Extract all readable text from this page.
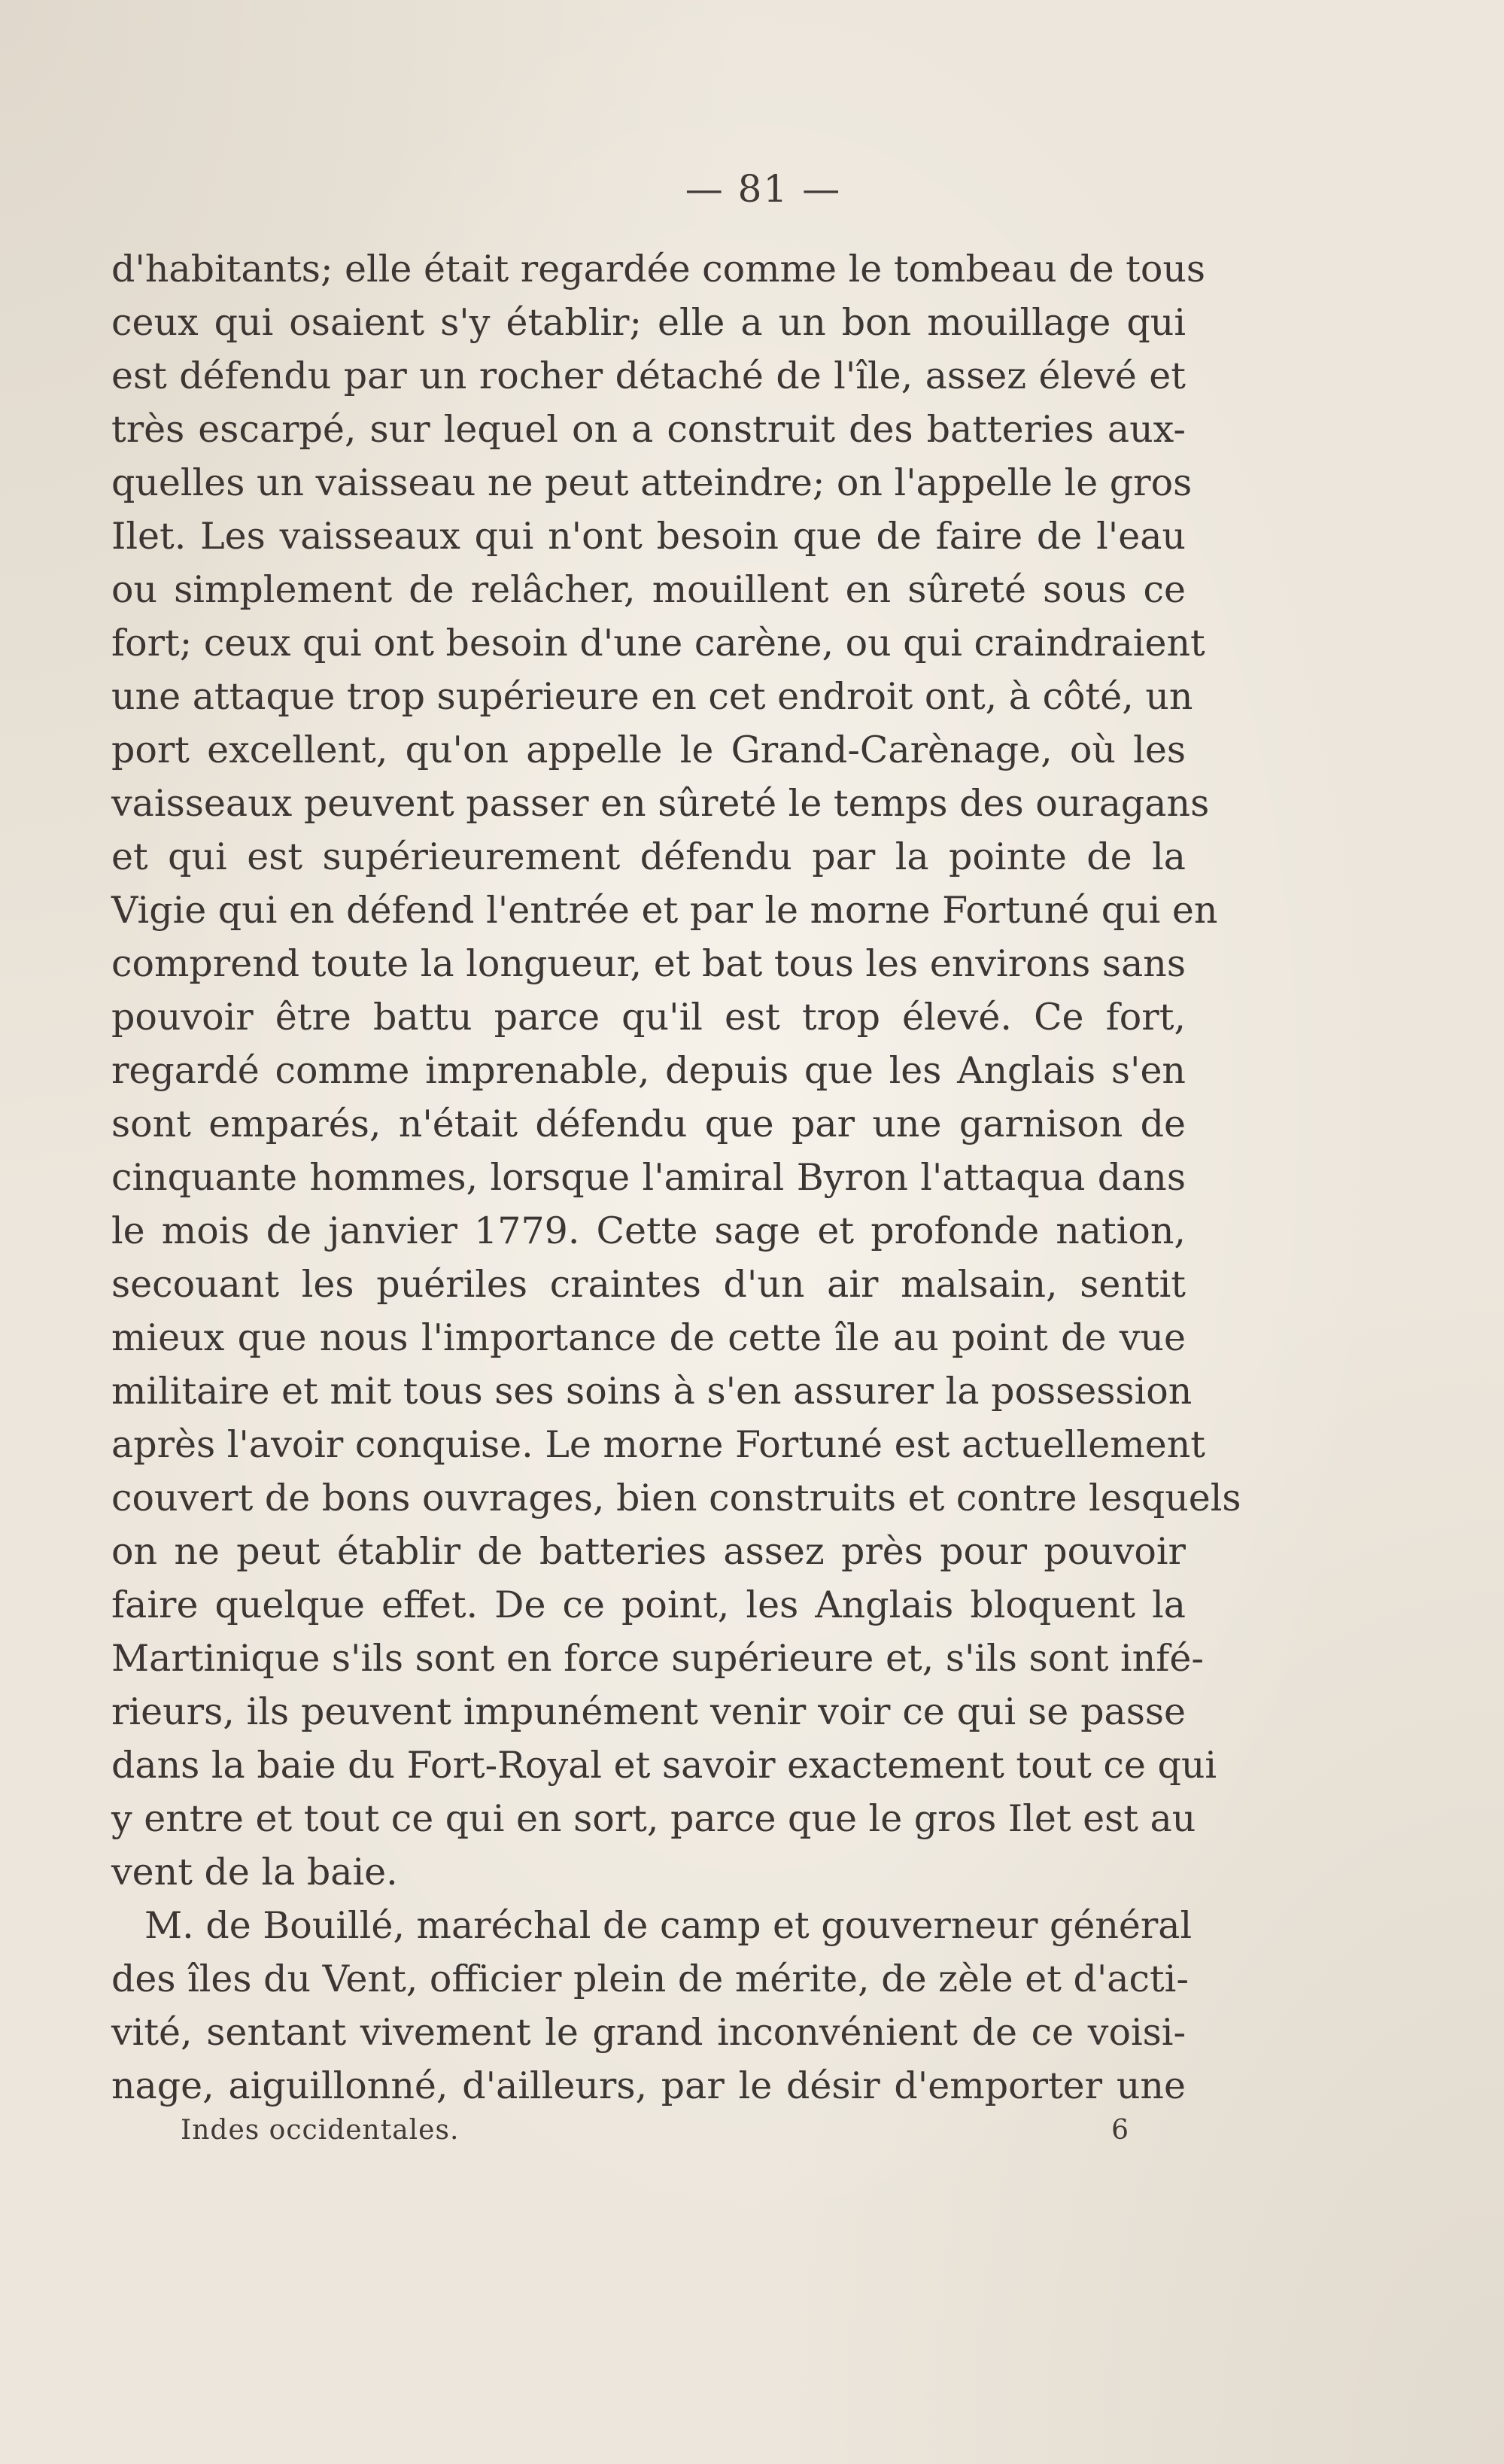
— 81 —
d'habitants; elle était regardée comme le tombeau de tous
ceux qui osaient s'y établir; elle a un bon mouillage qui
est défendu par un rocher détaché de l'île, assez élevé et
très escarpé, sur lequel on a construit des batteries aux-
quelles un vaisseau ne peut atteindre; on l'appelle le gros
Ilet. Les vaisseaux qui n'ont besoin que de faire de l'eau
ou simplement de relâcher, mouillent en sûreté sous ce
fort; ceux qui ont besoin d'une carène, ou qui craindraient
une attaque trop supérieure en cet endroit ont, à côté, un
port excellent, qu'on appelle le Grand-Carènage, où les
vaisseaux peuvent passer en sûreté le temps des ouragans
et qui est supérieurement défendu par la pointe de la
Vigie qui en défend l'entrée et par le morne Fortuné qui en
comprend toute la longueur, et bat tous les environs sans
pouvoir être battu parce qu'il est trop élevé. Ce fort,
regardé comme imprenable, depuis que les Anglais s'en
sont emparés, n'était défendu que par une garnison de
cinquante hommes, lorsque l'amiral Byron l'attaqua dans
le mois de janvier 1779. Cette sage et profonde nation,
secouant les puériles craintes d'un air malsain, sentit
mieux que nous l'importance de cette île au point de vue
militaire et mit tous ses soins à s'en assurer la possession
après l'avoir conquise. Le morne Fortuné est actuellement
couvert de bons ouvrages, bien construits et contre lesquels
on ne peut établir de batteries assez près pour pouvoir
faire quelque effet. De ce point, les Anglais bloquent la
Martinique s'ils sont en force supérieure et, s'ils sont infé-
rieurs, ils peuvent impunément venir voir ce qui se passe
dans la baie du Fort-Royal et savoir exactement tout ce qui
y entre et tout ce qui en sort, parce que le gros Ilet est au
vent de la baie.
M. de Bouillé, maréchal de camp et gouverneur général
des îles du Vent, officier plein de mérite, de zèle et d'acti-
vité, sentant vivement le grand inconvénient de ce voisi-
nage, aiguillonné, d'ailleurs, par le désir d'emporter une
Indes occidentales.	6
